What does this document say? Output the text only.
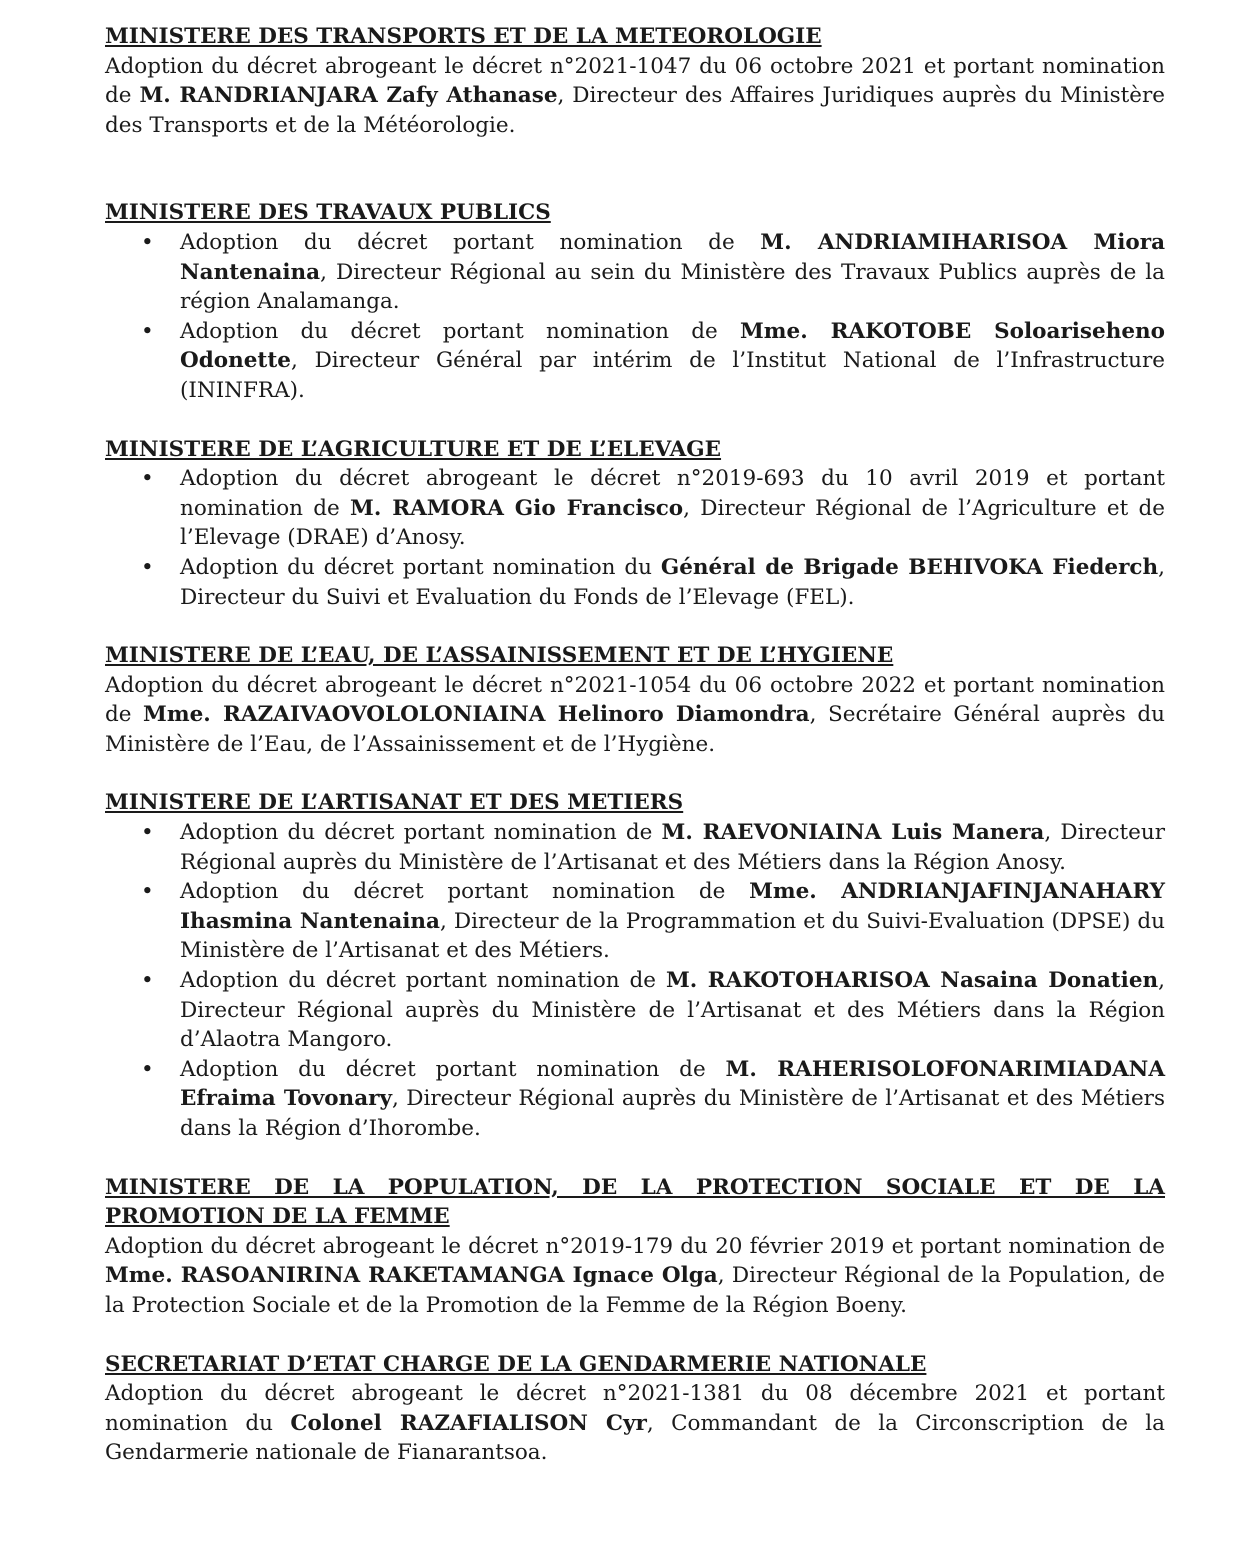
MINISTERE DES TRANSPORTS ET DE LA METEOROLOGIE

Adoption du décret abrogeant le décret n°2021-1047 du 06 octobre 2021 et portant nomination de M. RANDRIANJARA Zafy Athanase, Directeur des Affaires Juridiques auprès du Ministère des Transports et de la Météorologie.

MINISTERE DES TRAVAUX PUBLICS
• Adoption du décret portant nomination de M. ANDRIAMIHARISOA Miora Nantenaina, Directeur Régional au sein du Ministère des Travaux Publics auprès de la région Analamanga.
• Adoption du décret portant nomination de Mme. RAKOTOBE Soloariseheno Odonette, Directeur Général par intérim de l’Institut National de l’Infrastructure (ININFRA).
MINISTERE DE L’AGRICULTURE ET DE L’ELEVAGE
• Adoption du décret abrogeant le décret n°2019-693 du 10 avril 2019 et portant nomination de M. RAMORA Gio Francisco, Directeur Régional de l’Agriculture et de l’Elevage (DRAE) d’Anosy.
• Adoption du décret portant nomination du Général de Brigade BEHIVOKA Fiederch, Directeur du Suivi et Evaluation du Fonds de l’Elevage (FEL).
MINISTERE DE L’EAU, DE L’ASSAINISSEMENT ET DE L’HYGIENE

Adoption du décret abrogeant le décret n°2021-1054 du 06 octobre 2022 et portant nomination de Mme. RAZAIVAOVOLOLONIAINA Helinoro Diamondra, Secrétaire Général auprès du Ministère de l’Eau, de l’Assainissement et de l’Hygiène.

MINISTERE DE L’ARTISANAT ET DES METIERS
• Adoption du décret portant nomination de M. RAEVONIAINA Luis Manera, Directeur Régional auprès du Ministère de l’Artisanat et des Métiers dans la Région Anosy.
• Adoption du décret portant nomination de Mme. ANDRIANJAFINJANAHARY Ihasmina Nantenaina, Directeur de la Programmation et du Suivi-Evaluation (DPSE) du Ministère de l’Artisanat et des Métiers.
• Adoption du décret portant nomination de M. RAKOTOHARISOA Nasaina Donatien, Directeur Régional auprès du Ministère de l’Artisanat et des Métiers dans la Région d’Alaotra Mangoro.
• Adoption du décret portant nomination de M. RAHERISOLOFONARIMIADANA Efraima Tovonary, Directeur Régional auprès du Ministère de l’Artisanat et des Métiers dans la Région d’Ihorombe.
MINISTERE DE LA POPULATION, DE LA PROTECTION SOCIALE ET DE LA PROMOTION DE LA FEMME

Adoption du décret abrogeant le décret n°2019-179 du 20 février 2019 et portant nomination de Mme. RASOANIRINA RAKETAMANGA Ignace Olga, Directeur Régional de la Population, de la Protection Sociale et de la Promotion de la Femme de la Région Boeny.

SECRETARIAT D’ETAT CHARGE DE LA GENDARMERIE NATIONALE

Adoption du décret abrogeant le décret n°2021-1381 du 08 décembre 2021 et portant nomination du Colonel RAZAFIALISON Cyr, Commandant de la Circonscription de la Gendarmerie nationale de Fianarantsoa.
